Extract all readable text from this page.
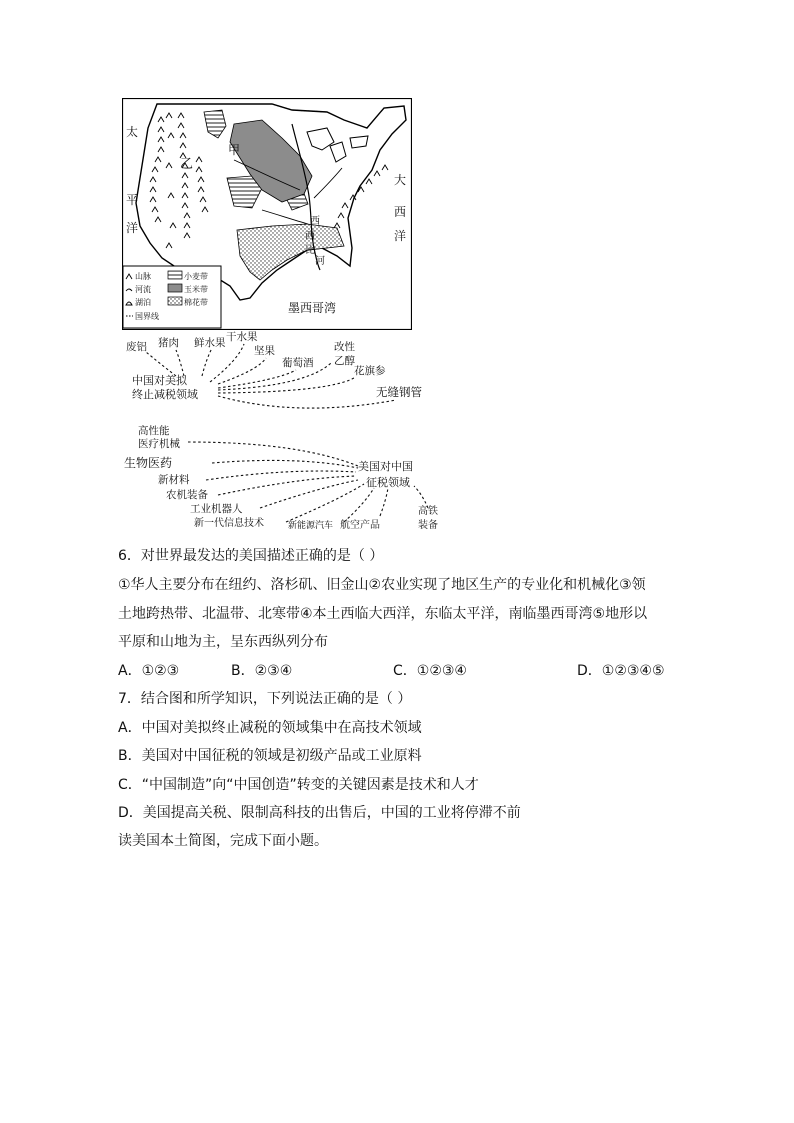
太
平
洋
大
西
洋
甲
乙
墨西哥湾
西
西
比
河
山脉
河流
湖泊
国界线
小麦带
玉米带
棉花带
废铝 猪肉 鲜水果 干水果
坚果
葡萄酒
改性
乙醇
花旗参
无缝钢管
中国对美拟
终止减税领域
高性能
医疗机械
生物医药
新材料
农机装备
工业机器人
新一代信息技术	新能源汽车 航空产品
高铁
装备
美国对中国
征税领域
6．对世界最发达的美国描述正确的是（ ）
①华人主要分布在纽约、洛杉矶、旧金山②农业实现了地区生产的专业化和机械化③领
土地跨热带、北温带、北寒带④本土西临大西洋，东临太平洋，南临墨西哥湾⑤地形以
平原和山地为主，呈东西纵列分布
A．①②③	B．②③④	C．①②③④	D．①②③④⑤
7．结合图和所学知识，下列说法正确的是（ ）
A．中国对美拟终止减税的领域集中在高技术领域
B．美国对中国征税的领域是初级产品或工业原料
C．“中国制造”向“中国创造”转变的关键因素是技术和人才
D．美国提高关税、限制高科技的出售后，中国的工业将停滞不前
读美国本土简图，完成下面小题。
